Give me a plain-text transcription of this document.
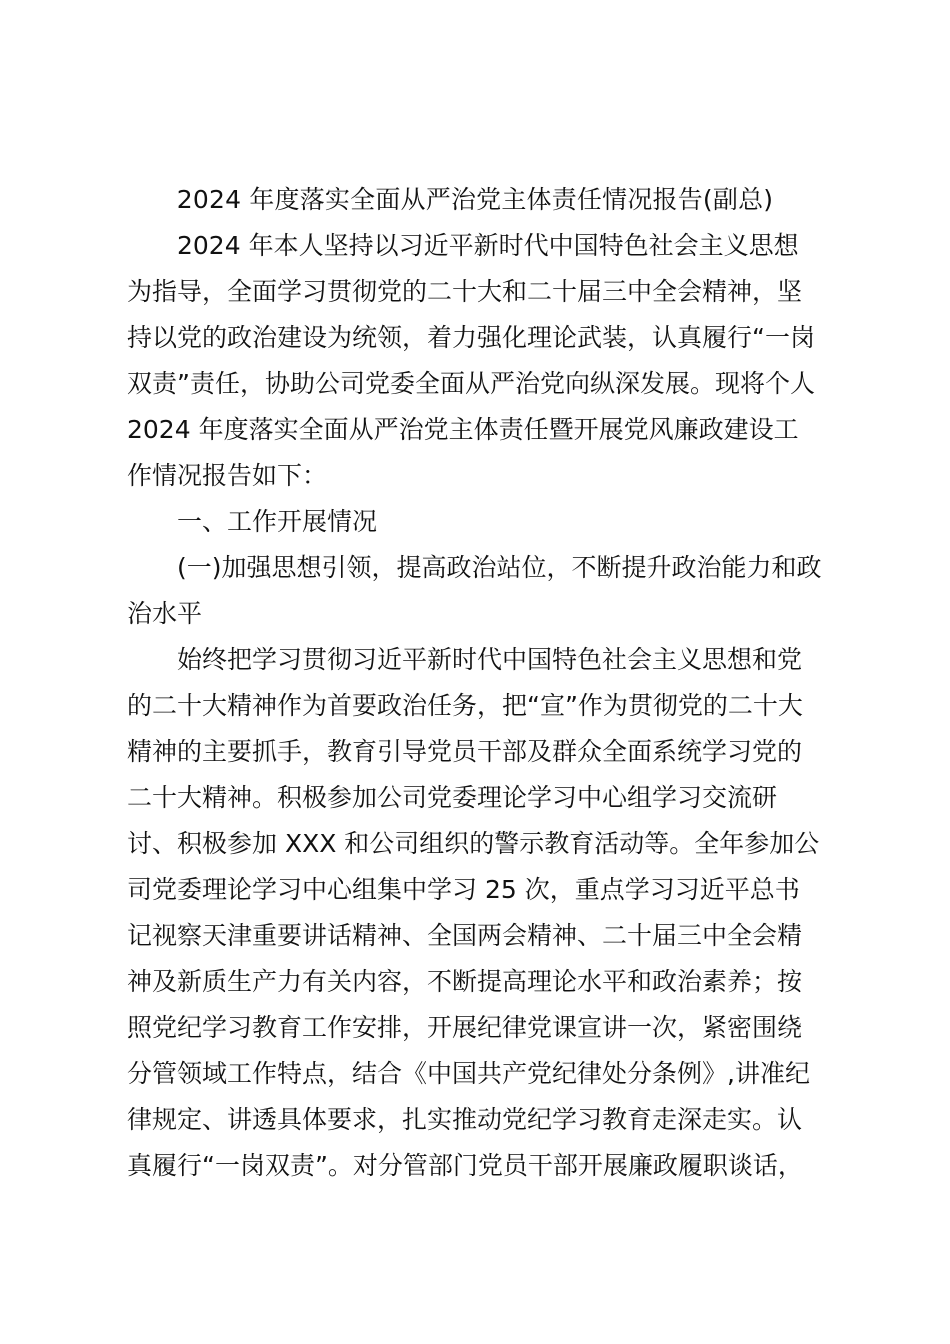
2024 年度落实全面从严治党主体责任情况报告(副总)
2024 年本人坚持以习近平新时代中国特色社会主义思想
为指导，全面学习贯彻党的二十大和二十届三中全会精神，坚
持以党的政治建设为统领，着力强化理论武装，认真履行“一岗
双责”责任，协助公司党委全面从严治党向纵深发展。现将个人
2024 年度落实全面从严治党主体责任暨开展党风廉政建设工
作情况报告如下：
一、工作开展情况
(一)加强思想引领，提高政治站位，不断提升政治能力和政
治水平
始终把学习贯彻习近平新时代中国特色社会主义思想和党
的二十大精神作为首要政治任务，把“宣”作为贯彻党的二十大
精神的主要抓手，教育引导党员干部及群众全面系统学习党的
二十大精神。积极参加公司党委理论学习中心组学习交流研
讨、积极参加 XXX 和公司组织的警示教育活动等。全年参加公
司党委理论学习中心组集中学习 25 次，重点学习习近平总书
记视察天津重要讲话精神、全国两会精神、二十届三中全会精
神及新质生产力有关内容，不断提高理论水平和政治素养；按
照党纪学习教育工作安排，开展纪律党课宣讲一次，紧密围绕
分管领域工作特点，结合《中国共产党纪律处分条例》,讲准纪
律规定、讲透具体要求，扎实推动党纪学习教育走深走实。认
真履行“一岗双责”。对分管部门党员干部开展廉政履职谈话，
